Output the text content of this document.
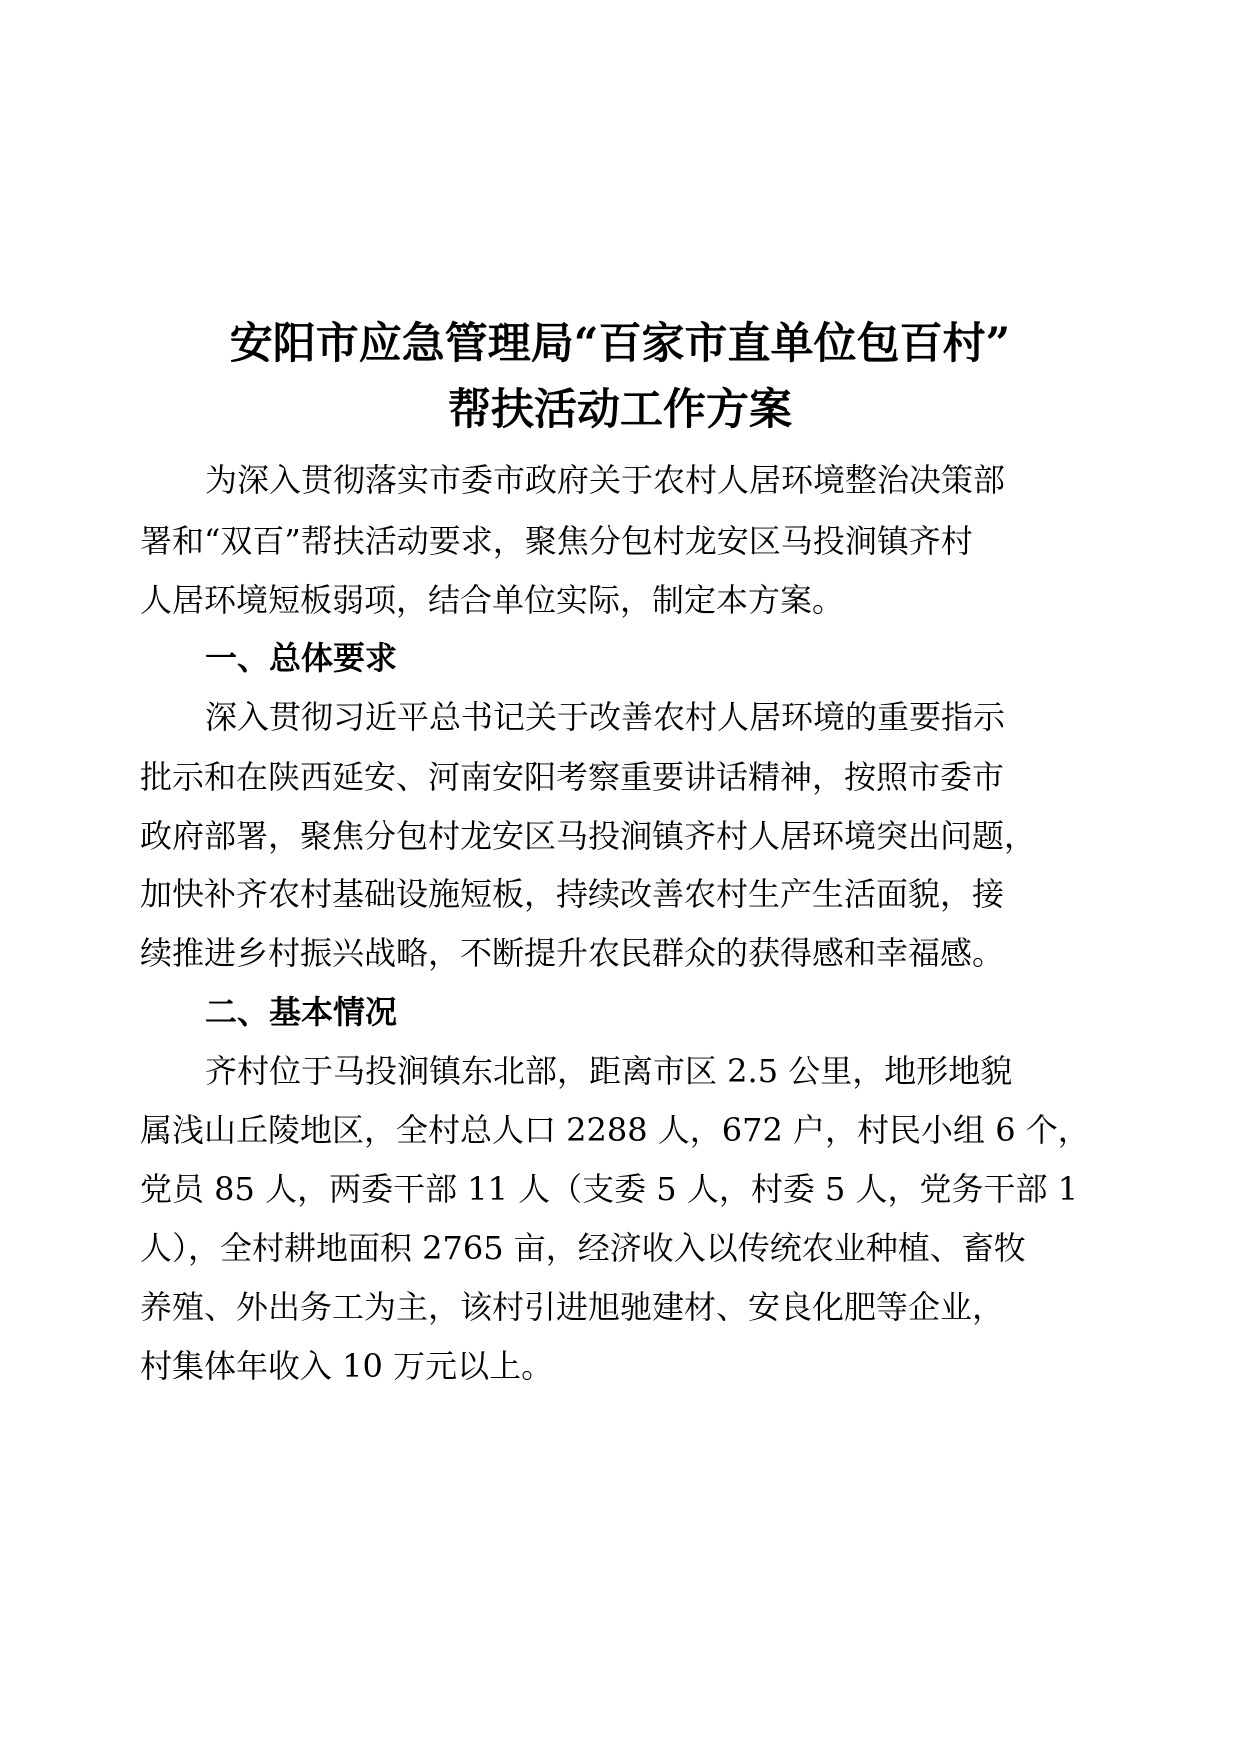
安阳市应急管理局“百家市直单位包百村”
帮扶活动工作方案
为深入贯彻落实市委市政府关于农村人居环境整治决策部
署和“双百”帮扶活动要求，聚焦分包村龙安区马投涧镇齐村
人居环境短板弱项，结合单位实际，制定本方案。
一、总体要求
深入贯彻习近平总书记关于改善农村人居环境的重要指示
批示和在陕西延安、河南安阳考察重要讲话精神，按照市委市
政府部署，聚焦分包村龙安区马投涧镇齐村人居环境突出问题，
加快补齐农村基础设施短板，持续改善农村生产生活面貌，接
续推进乡村振兴战略，不断提升农民群众的获得感和幸福感。
二、基本情况
齐村位于马投涧镇东北部，距离市区 2.5 公里，地形地貌
属浅山丘陵地区，全村总人口 2288 人，672 户，村民小组 6 个，
党员 85 人，两委干部 11 人（支委 5 人，村委 5 人，党务干部 1
人），全村耕地面积 2765 亩，经济收入以传统农业种植、畜牧
养殖、外出务工为主，该村引进旭驰建材、安良化肥等企业，
村集体年收入 10 万元以上。
